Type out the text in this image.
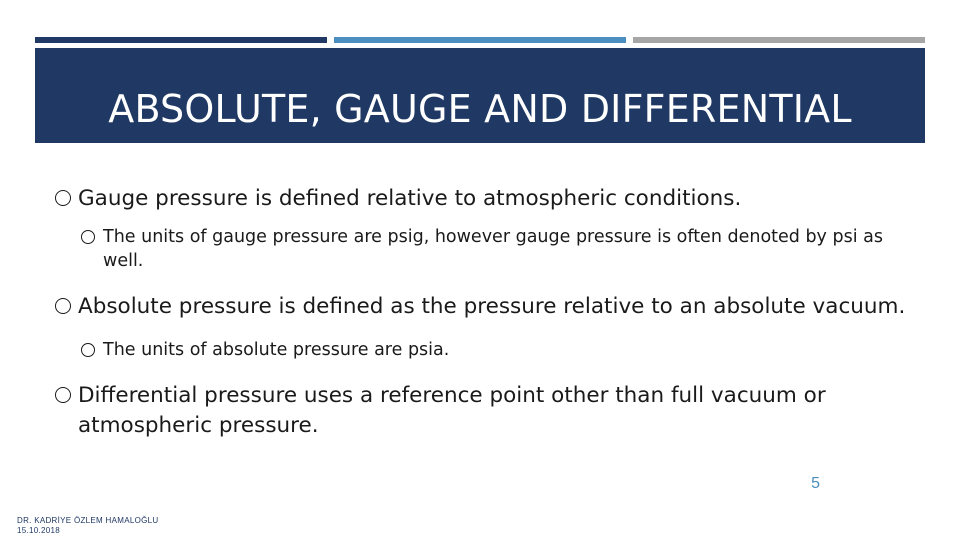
ABSOLUTE, GAUGE AND DIFFERENTIAL
Gauge pressure is defined relative to atmospheric conditions.
The units of gauge pressure are psig, however gauge pressure is often denoted by psi as well.
Absolute pressure is defined as the pressure relative to an absolute vacuum.
The units of absolute pressure are psia.
Differential pressure uses a reference point other than full vacuum or atmospheric pressure.
5
DR. KADRİYE ÖZLEM HAMALOĞLU
15.10.2018
